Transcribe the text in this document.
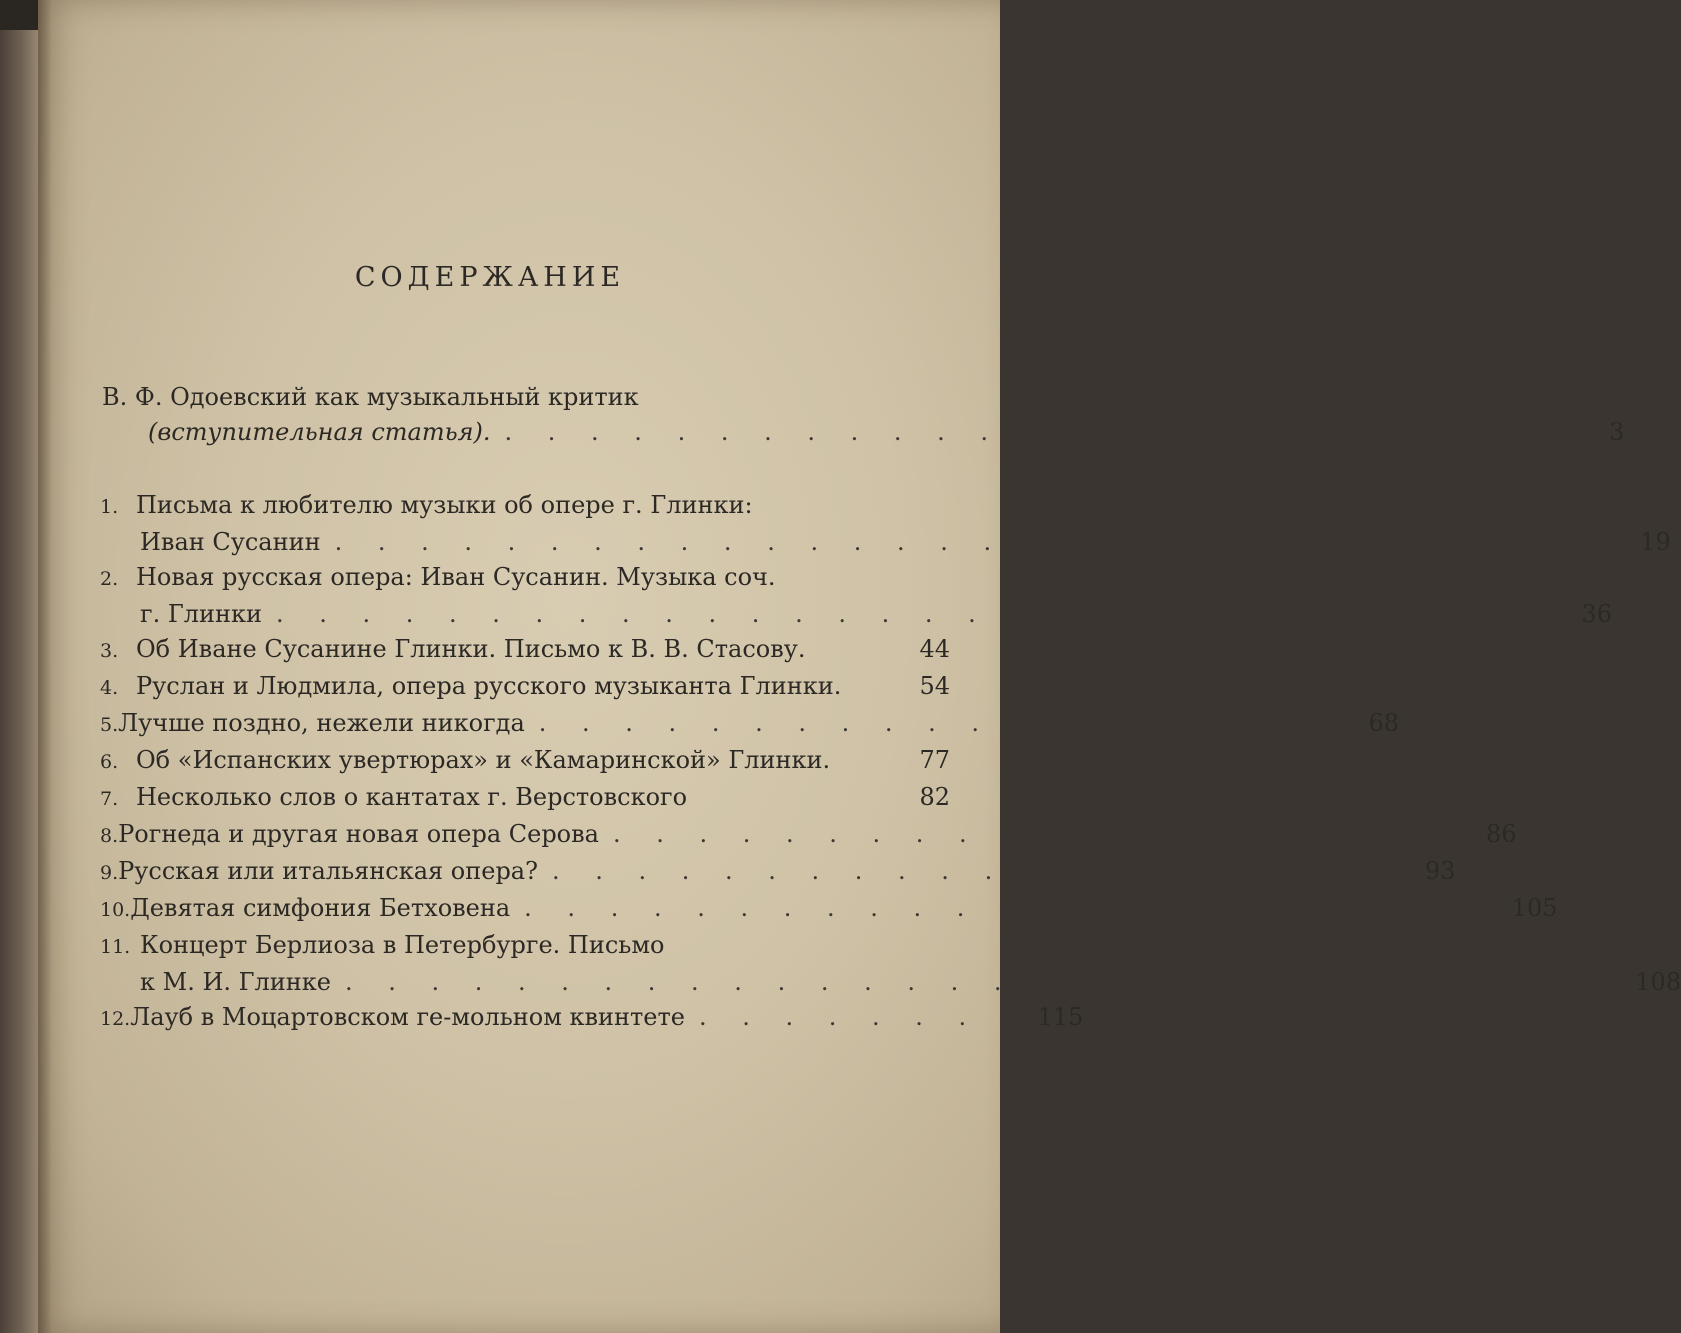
СОДЕРЖАНИЕ
В. Ф. Одоевский как музыкальный критик
(вступительная статья). . . . . . . . . . . . . . . . . . . . . . . . . .	3
1. Письма к любителю музыки об опере г. Глинки:
Иван Сусанин . . . . . . . . . . . . . . . . . . . . . . . . . . . . . .	19
2. Новая русская опера: Иван Сусанин. Музыка соч.
г. Глинки . . . . . . . . . . . . . . . . . . . . . . . . . . . . . .	36
3. Об Иване Сусанине Глинки. Письмо к В. В. Стасову.	44
4. Руслан и Людмила, опера русского музыканта Глинки.	54
5. Лучше поздно, нежели никогда . . . . . . . . . . . . . . . . . . .	68
6. Об «Испанских увертюрах» и «Камаринской» Глинки.	77
7. Несколько слов о кантатах г. Верстовского	82
8. Рогнеда и другая новая опера Серова . . . . . . . . . . . . . . . . . . . .	86
9. Русская или итальянская опера? . . . . . . . . . . . . . . . . . . . .	93
10. Девятая симфония Бетховена . . . . . . . . . . . . . . . . . . . . . . . 105
11. Концерт Берлиоза в Петербурге. Письмо
к М. И. Глинке . . . . . . . . . . . . . . . . . . . . . . . . . . . . . . 108
12. Лауб в Моцартовском ге-мольном квинтете . . . . . . . . 115
